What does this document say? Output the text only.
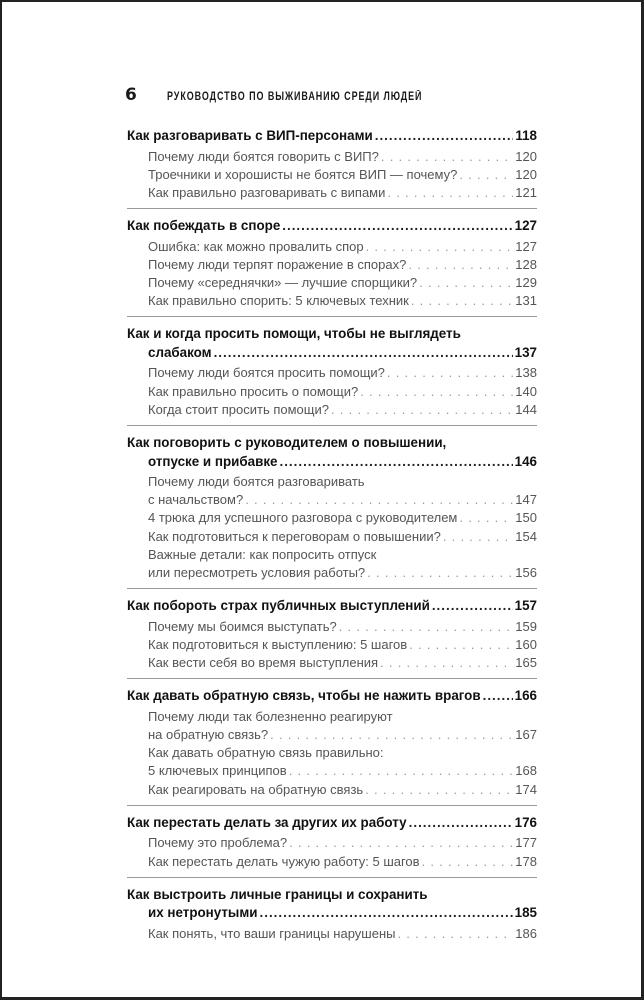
6	РУКОВОДСТВО ПО ВЫЖИВАНИЮ СРЕДИ ЛЮДЕЙ
Как разговаривать с ВИП-персонами .....	118
Почему люди боятся говорить с ВИП? . . .	120
Троечники и хорошисты не боятся ВИП — почему? . . .	120
Как правильно разговаривать с випами . . .	121
Как побеждать в споре .....	127
Ошибка: как можно провалить спор . . .	127
Почему люди терпят поражение в спорах? . . .	128
Почему «середнячки» — лучшие спорщики? . . .	129
Как правильно спорить: 5 ключевых техник . . .	131
Как и когда просить помощи, чтобы не выглядеть
слабаком .....	137
Почему люди боятся просить помощи? . . .	138
Как правильно просить о помощи? . . .	140
Когда стоит просить помощи? . . .	144
Как поговорить с руководителем о повышении,
отпуске и прибавке .....	146
Почему люди боятся разговаривать
с начальством? . . .	147
4 трюка для успешного разговора с руководителем . . .	150
Как подготовиться к переговорам о повышении? . . .	154
Важные детали: как попросить отпуск
или пересмотреть условия работы? . . .	156
Как побороть страх публичных выступлений .....	157
Почему мы боимся выступать? . . .	159
Как подготовиться к выступлению: 5 шагов . . .	160
Как вести себя во время выступления . . .	165
Как давать обратную связь, чтобы не нажить врагов .....	166
Почему люди так болезненно реагируют
на обратную связь? . . .	167
Как давать обратную связь правильно:
5 ключевых принципов . . .	168
Как реагировать на обратную связь . . .	174
Как перестать делать за других их работу .....	176
Почему это проблема? . . .	177
Как перестать делать чужую работу: 5 шагов . . .	178
Как выстроить личные границы и сохранить
их нетронутыми .....	185
Как понять, что ваши границы нарушены . . .	186
